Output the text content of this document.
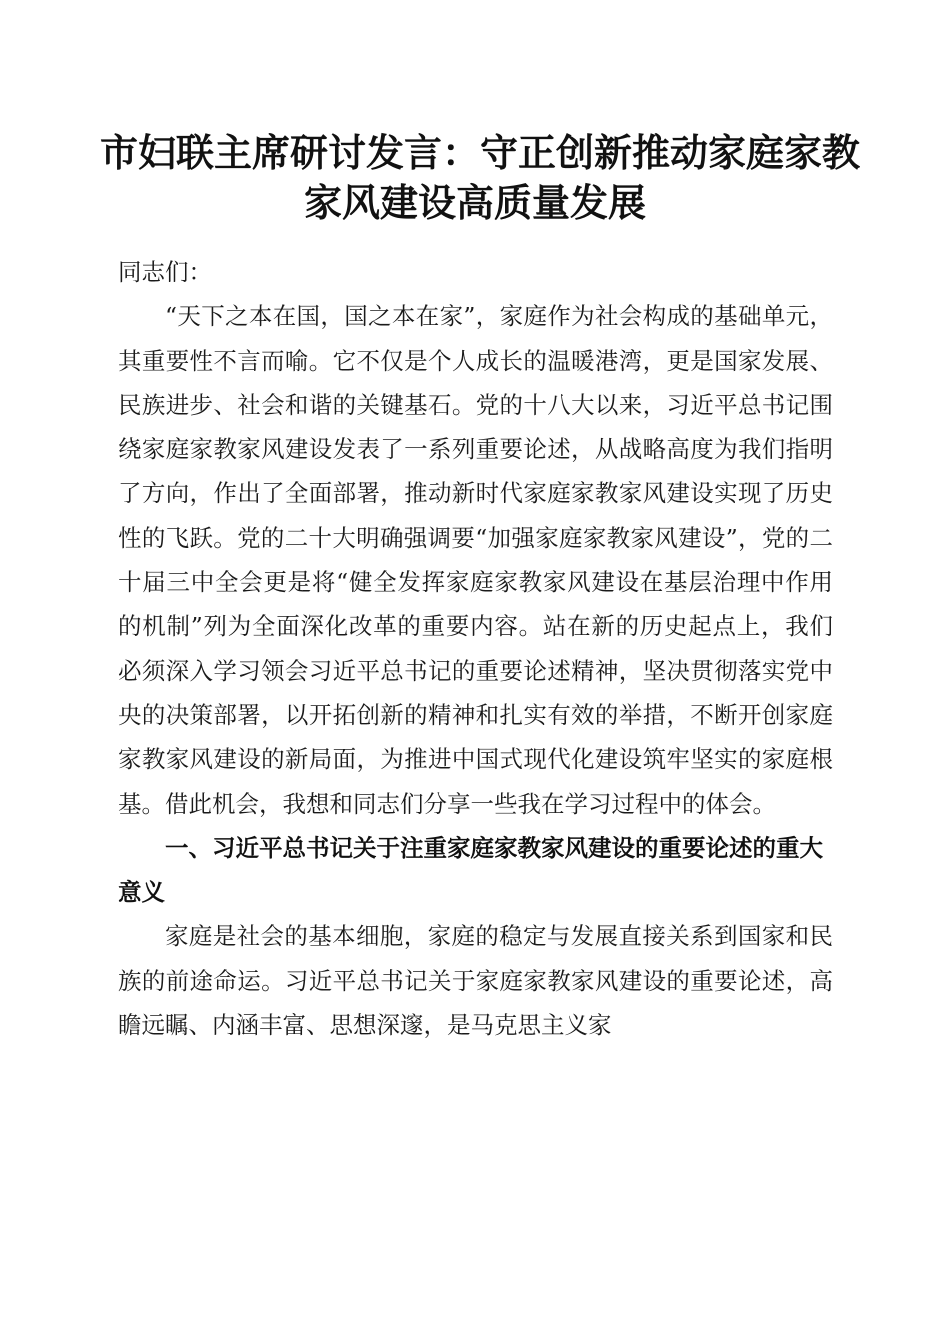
市妇联主席研讨发言：守正创新推动家庭家教
家风建设高质量发展

同志们：

“天下之本在国，国之本在家”，家庭作为社会构成的基础单元，其重要性不言而喻。它不仅是个人成长的温暖港湾，更是国家发展、民族进步、社会和谐的关键基石。党的十八大以来，习近平总书记围绕家庭家教家风建设发表了一系列重要论述，从战略高度为我们指明了方向，作出了全面部署，推动新时代家庭家教家风建设实现了历史性的飞跃。党的二十大明确强调要“加强家庭家教家风建设”，党的二十届三中全会更是将“健全发挥家庭家教家风建设在基层治理中作用的机制”列为全面深化改革的重要内容。站在新的历史起点上，我们必须深入学习领会习近平总书记的重要论述精神，坚决贯彻落实党中央的决策部署，以开拓创新的精神和扎实有效的举措，不断开创家庭家教家风建设的新局面，为推进中国式现代化建设筑牢坚实的家庭根基。借此机会，我想和同志们分享一些我在学习过程中的体会。

一、习近平总书记关于注重家庭家教家风建设的重要论述的重大意义

家庭是社会的基本细胞，家庭的稳定与发展直接关系到国家和民族的前途命运。习近平总书记关于家庭家教家风建设的重要论述，高瞻远瞩、内涵丰富、思想深邃，是马克思主义家
